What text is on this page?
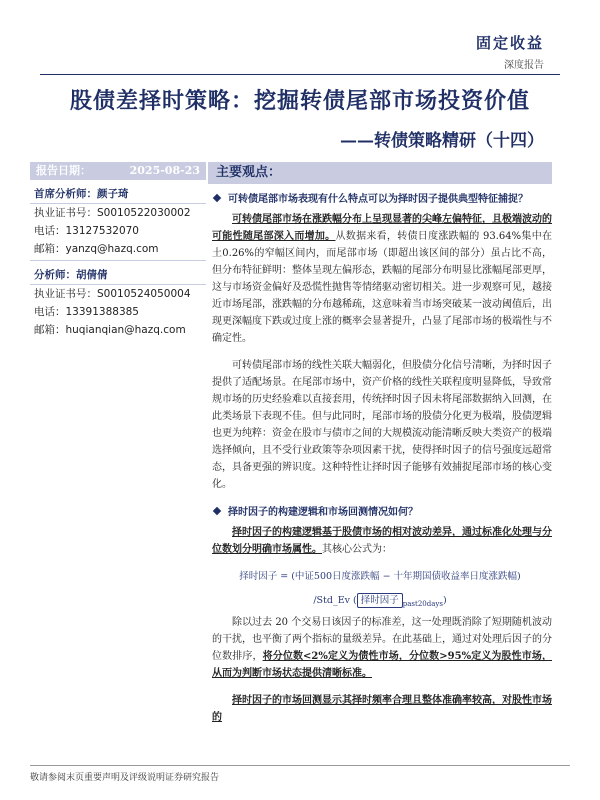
固定收益
深度报告
股债差择时策略：挖掘转债尾部市场投资价值
——转债策略精研（十四）
报告日期：	2025-08-23
首席分析师：颜子琦
执业证书号：S0010522030002
电话：13127532070
邮箱：yanzq@hazq.com
分析师：胡倩倩
执业证书号：S0010524050004
电话：13391388385
邮箱：huqianqian@hazq.com
主要观点：
可转债尾部市场表现有什么特点可以为择时因子提供典型特征捕捉？

可转债尾部市场在涨跌幅分布上呈现显著的尖峰左偏特征，且极端波动的可能性随尾部深入而增加。从数据来看，转债日度涨跌幅的 93.64%集中在土0.26%的窄幅区间内，而尾部市场（即超出该区间的部分）虽占比不高，但分布特征鲜明：整体呈现左偏形态，跌幅的尾部分布明显比涨幅尾部更厚，这与市场资金偏好及恐慌性抛售等情绪驱动密切相关。进一步观察可见，越接近市场尾部，涨跌幅的分布越稀疏，这意味着当市场突破某一波动阈值后，出现更深幅度下跌或过度上涨的概率会显著提升，凸显了尾部市场的极端性与不确定性。

可转债尾部市场的线性关联大幅弱化，但股债分化信号清晰，为择时因子提供了适配场景。在尾部市场中，资产价格的线性关联程度明显降低，导致常规市场的历史经验难以直接套用，传统择时因子因未将尾部数据纳入回测，在此类场景下表现不佳。但与此同时，尾部市场的股债分化更为极端，股债逻辑也更为纯粹：资金在股市与债市之间的大规模流动能清晰反映大类资产的极端选择倾向，且不受行业政策等杂项因素干扰，使得择时因子的信号强度远超常态，具备更强的辨识度。这种特性让择时因子能够有效捕捉尾部市场的核心变化。

择时因子的构建逻辑和市场回测情况如何？

择时因子的构建逻辑基于股债市场的相对波动差异，通过标准化处理与分位数划分明确市场属性。其核心公式为：

择时因子 = (中证500日度涨跌幅 − 十年期国债收益率日度涨跌幅)
/Std_Ev ( 择时因子 $_{past20days}$)

除以过去 20 个交易日该因子的标准差，这一处理既消除了短期随机波动的干扰，也平衡了两个指标的量级差异。在此基础上，通过对处理后因子的分位数排序，将分位数<2%定义为债性市场，分位数>95%定义为股性市场，从而为判断市场状态提供清晰标准。

择时因子的市场回测显示其择时频率合理且整体准确率较高，对股性市场的

敬请参阅末页重要声明及评级说明证券研究报告
